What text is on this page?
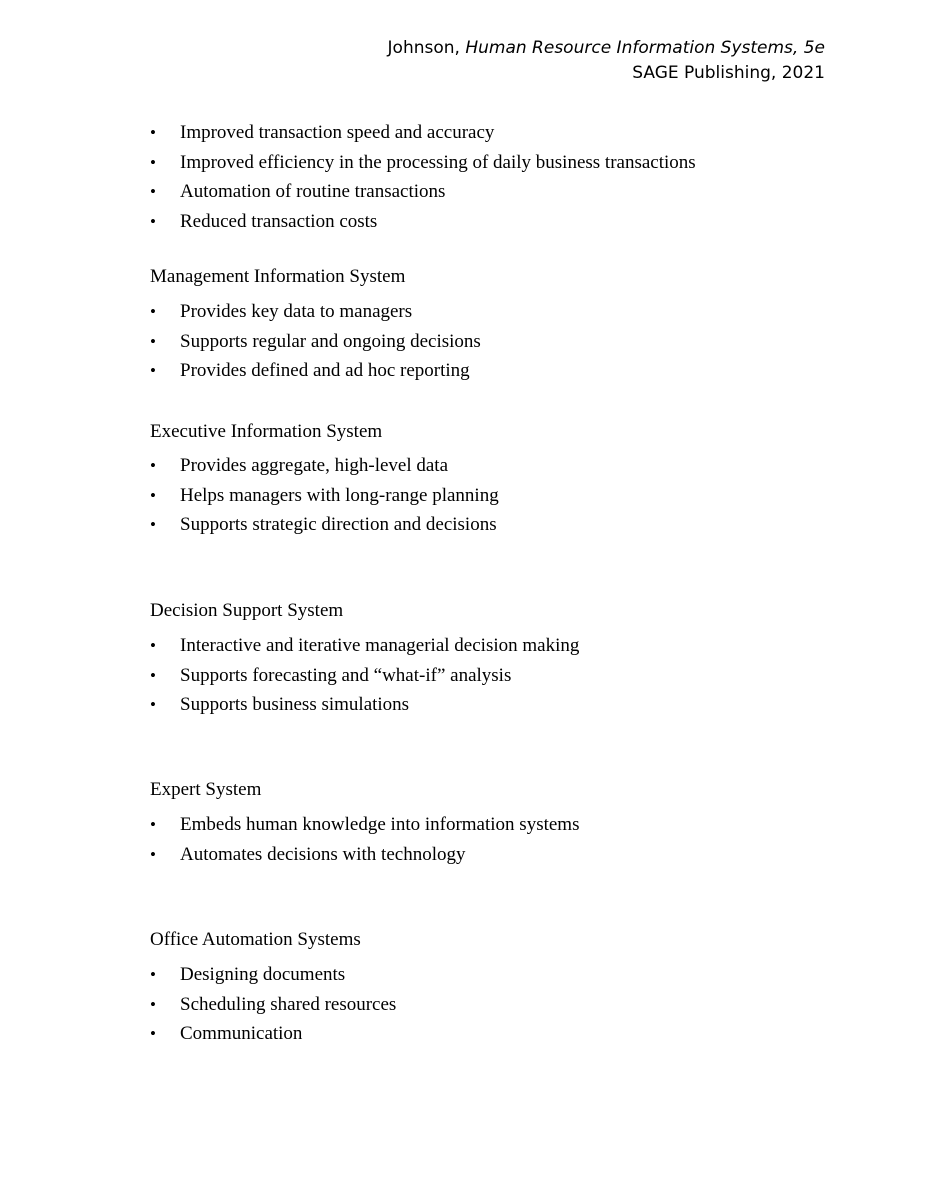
Johnson, Human Resource Information Systems, 5e
SAGE Publishing, 2021
• Improved transaction speed and accuracy
• Improved efficiency in the processing of daily business transactions
• Automation of routine transactions
• Reduced transaction costs
Management Information System
• Provides key data to managers
• Supports regular and ongoing decisions
• Provides defined and ad hoc reporting
Executive Information System
• Provides aggregate, high-level data
• Helps managers with long-range planning
• Supports strategic direction and decisions
Decision Support System
• Interactive and iterative managerial decision making
• Supports forecasting and “what-if” analysis
• Supports business simulations
Expert System
• Embeds human knowledge into information systems
• Automates decisions with technology
Office Automation Systems
• Designing documents
• Scheduling shared resources
• Communication
